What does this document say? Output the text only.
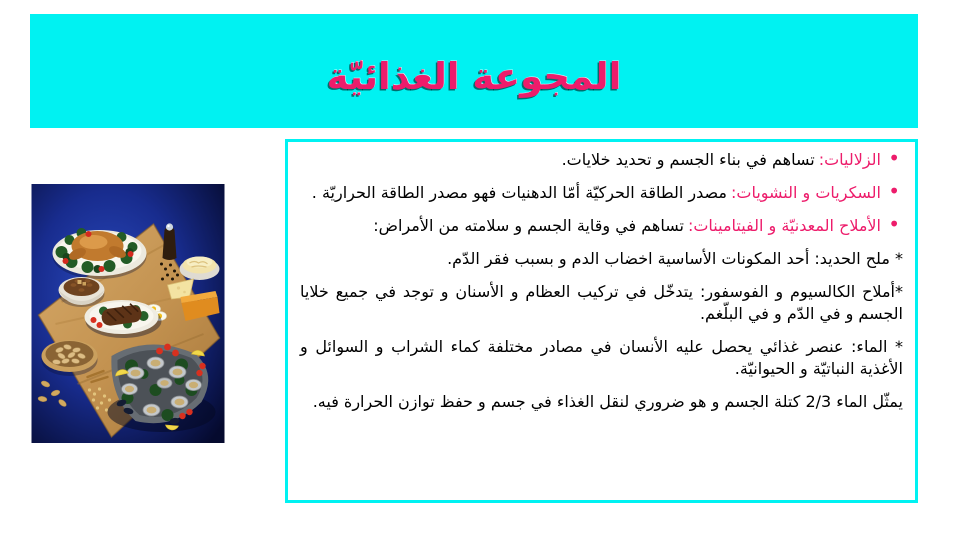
المجوعة الغذائيّة

•
الزلاليات:تساهم في بناء الجسم و تحديد خلايات.

•
السكريات و النشويات:مصدر الطاقة الحركيّة أمّا الدهنيات فهو مصدر الطاقة الحراريّة .

•
الأملاح المعدنيّة و الفيتامينات:تساهم في وقاية الجسم و سلامته من الأمراض:

* ملح الحديد: أحد المكونات الأساسية اخضاب الدم و بسبب فقر الدّم.

*أملاح الكالسيوم و الفوسفور: يتدخّل في تركيب العظام و الأسنان و توجد في جميع خلايا الجسم و في الدّم و في البلّغم.

* الماء: عنصر غذائي يحصل عليه الأنسان في مصادر مختلفة كماء الشراب و السوائل و الأغذية النباتيّة و الحيوانيّة.

يمثّل الماء 2/3 كتلة الجسم و هو ضروري لنقل الغذاء في جسم و حفظ توازن الحرارة فيه.
